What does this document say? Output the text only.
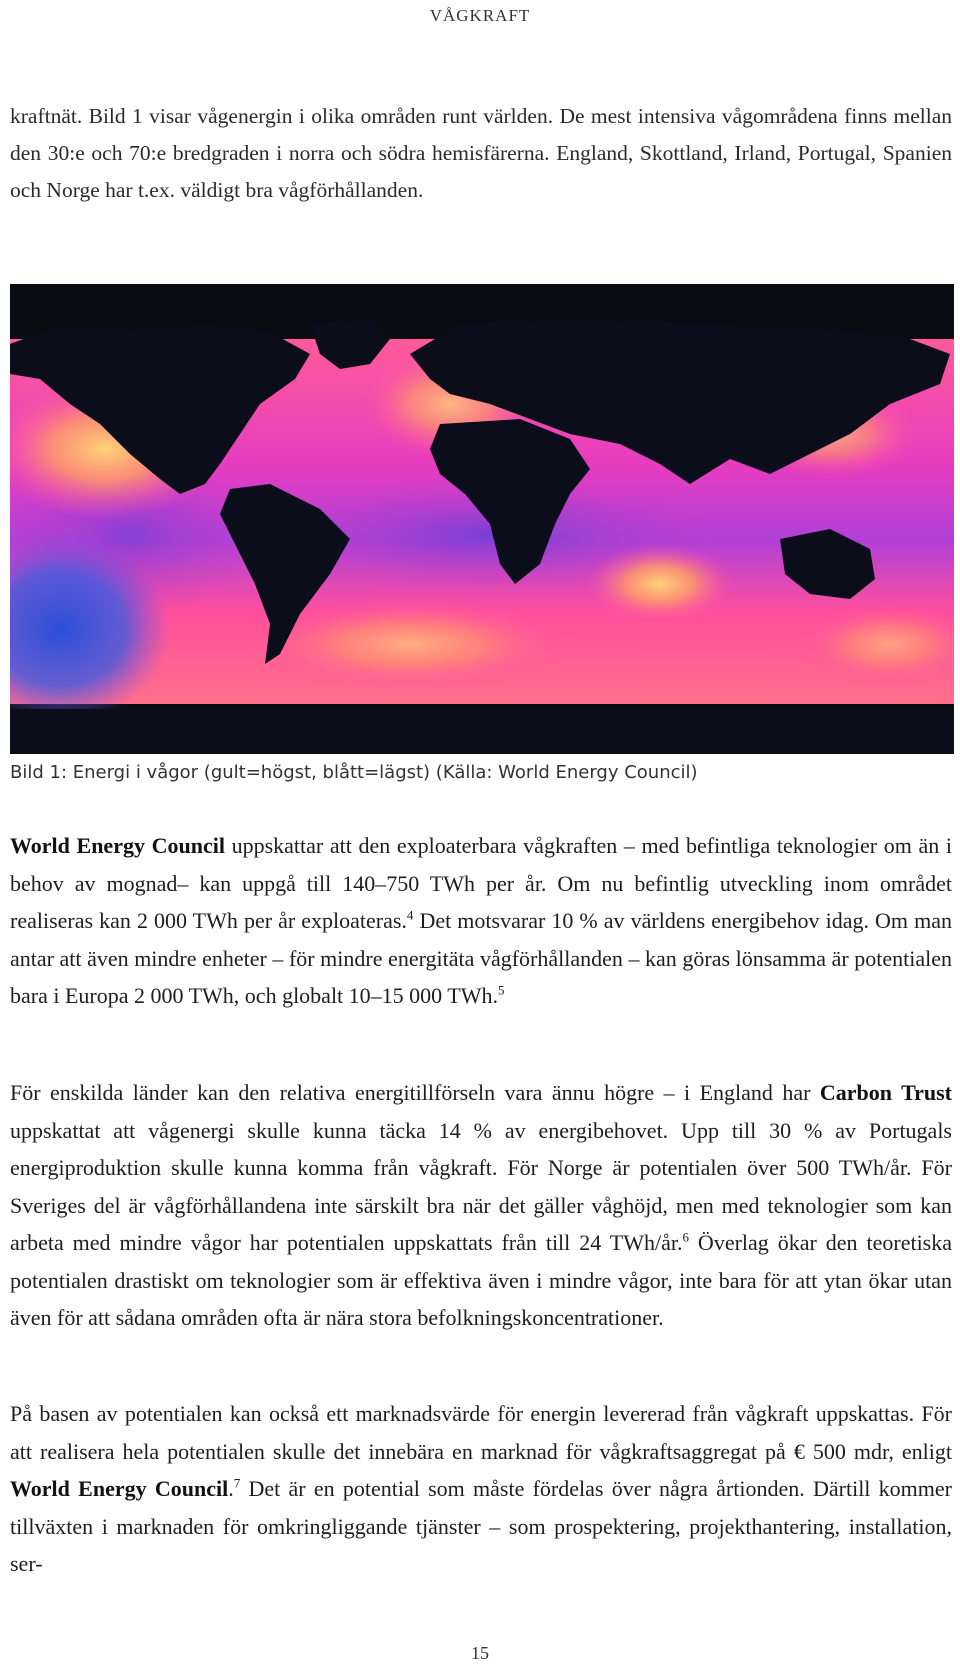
VÅGKRAFT

kraftnät. Bild 1 visar vågenergin i olika områden runt världen. De mest intensiva vågområdena finns mellan den 30:e och 70:e bredgraden i norra och södra hemisfärerna. England, Skottland, Irland, Portugal, Spanien och Norge har t.ex. väldigt bra vågförhållanden.

Bild 1: Energi i vågor (gult=högst, blått=lägst) (Källa: World Energy Council)

World Energy Council uppskattar att den exploaterbara vågkraften – med befintliga teknologier om än i behov av mognad– kan uppgå till 140–750 TWh per år. Om nu befintlig utveckling inom området realiseras kan 2 000 TWh per år exploateras.$^4$ Det motsvarar 10 % av världens energibehov idag. Om man antar att även mindre enheter – för mindre energitäta vågförhållanden – kan göras lönsamma är potentialen bara i Europa 2 000 TWh, och globalt 10–15 000 TWh.$^5$

För enskilda länder kan den relativa energitillförseln vara ännu högre – i England har Carbon Trust uppskattat att vågenergi skulle kunna täcka 14 % av energibehovet. Upp till 30 % av Portugals energiproduktion skulle kunna komma från vågkraft. För Norge är potentialen över 500 TWh/år. För Sveriges del är vågförhållandena inte särskilt bra när det gäller våghöjd, men med teknologier som kan arbeta med mindre vågor har potentialen uppskattats från till 24 TWh/år.$^6$ Överlag ökar den teoretiska potentialen drastiskt om teknologier som är effektiva även i mindre vågor, inte bara för att ytan ökar utan även för att sådana områden ofta är nära stora befolkningskoncentrationer.

På basen av potentialen kan också ett marknadsvärde för energin levererad från vågkraft uppskattas. För att realisera hela potentialen skulle det innebära en marknad för vågkraftsaggregat på € 500 mdr, enligt World Energy Council.$^7$ Det är en potential som måste fördelas över några årtionden. Därtill kommer tillväxten i marknaden för omkringliggande tjänster – som prospektering, projekthantering, installation, ser-

15
